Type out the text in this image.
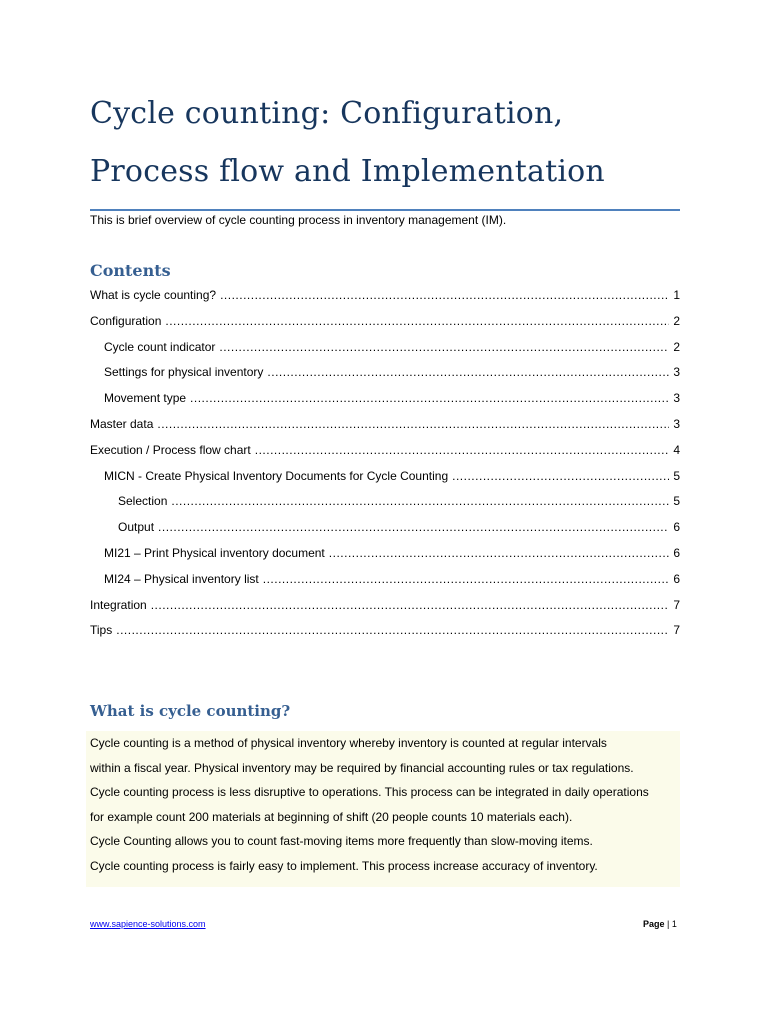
Cycle counting: Configuration, Process flow and Implementation
This is brief overview of cycle counting process in inventory management (IM).
Contents
What is cycle counting? .....	1
Configuration .....	2
Cycle count indicator .....	2
Settings for physical inventory .....	3
Movement type .....	3
Master data .....	3
Execution / Process flow chart .....	4
MICN - Create Physical Inventory Documents for Cycle Counting .....	5
Selection .....	5
Output .....	6
MI21 – Print Physical inventory document .....	6
MI24 – Physical inventory list .....	6
Integration .....	7
Tips .....	7
What is cycle counting?
Cycle counting is a method of physical inventory whereby inventory is counted at regular intervals
within a fiscal year. Physical inventory may be required by financial accounting rules or tax regulations.
Cycle counting process is less disruptive to operations. This process can be integrated in daily operations
for example count 200 materials at beginning of shift (20 people counts 10 materials each).
Cycle Counting allows you to count fast-moving items more frequently than slow-moving items.
Cycle counting process is fairly easy to implement. This process increase accuracy of inventory.
www.sapience-solutions.com	Page | 1
